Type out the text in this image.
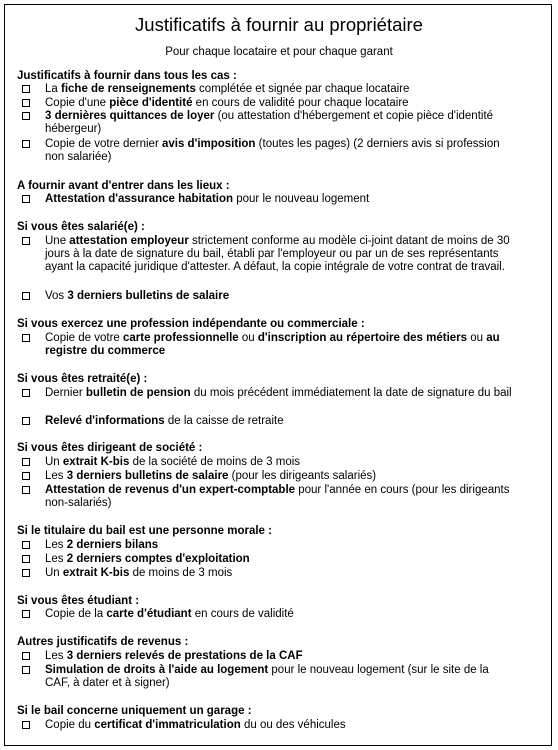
Justificatifs à fournir au propriétaire
Pour chaque locataire et pour chaque garant
Justificatifs à fournir dans tous les cas :
La fiche de renseignements complétée et signée par chaque locataire
Copie d'une pièce d'identité en cours de validité pour chaque locataire
3 dernières quittances de loyer (ou attestation d'hébergement et copie pièce d'identité hébergeur)
Copie de votre dernier avis d'imposition (toutes les pages) (2 derniers avis si profession non salariée)
A fournir avant d'entrer dans les lieux :
Attestation d'assurance habitation pour le nouveau logement
Si vous êtes salarié(e) :
Une attestation employeur strictement conforme au modèle ci-joint datant de moins de 30 jours à la date de signature du bail, établi par l'employeur ou par un de ses représentants ayant la capacité juridique d'attester. A défaut, la copie intégrale de votre contrat de travail.
Vos 3 derniers bulletins de salaire
Si vous exercez une profession indépendante ou commerciale :
Copie de votre carte professionnelle ou d'inscription au répertoire des métiers ou au registre du commerce
Si vous êtes retraité(e) :
Dernier bulletin de pension du mois précédent immédiatement la date de signature du bail
Relevé d'informations de la caisse de retraite
Si vous êtes dirigeant de société :
Un extrait K-bis de la société de moins de 3 mois
Les 3 derniers bulletins de salaire (pour les dirigeants salariés)
Attestation de revenus d'un expert-comptable pour l'année en cours (pour les dirigeants non-salariés)
Si le titulaire du bail est une personne morale :
Les 2 derniers bilans
Les 2 derniers comptes d'exploitation
Un extrait K-bis de moins de 3 mois
Si vous êtes étudiant :
Copie de la carte d'étudiant en cours de validité
Autres justificatifs de revenus :
Les 3 derniers relevés de prestations de la CAF
Simulation de droits à l'aide au logement pour le nouveau logement (sur le site de la CAF, à dater et à signer)
Si le bail concerne uniquement un garage :
Copie du certificat d'immatriculation du ou des véhicules
